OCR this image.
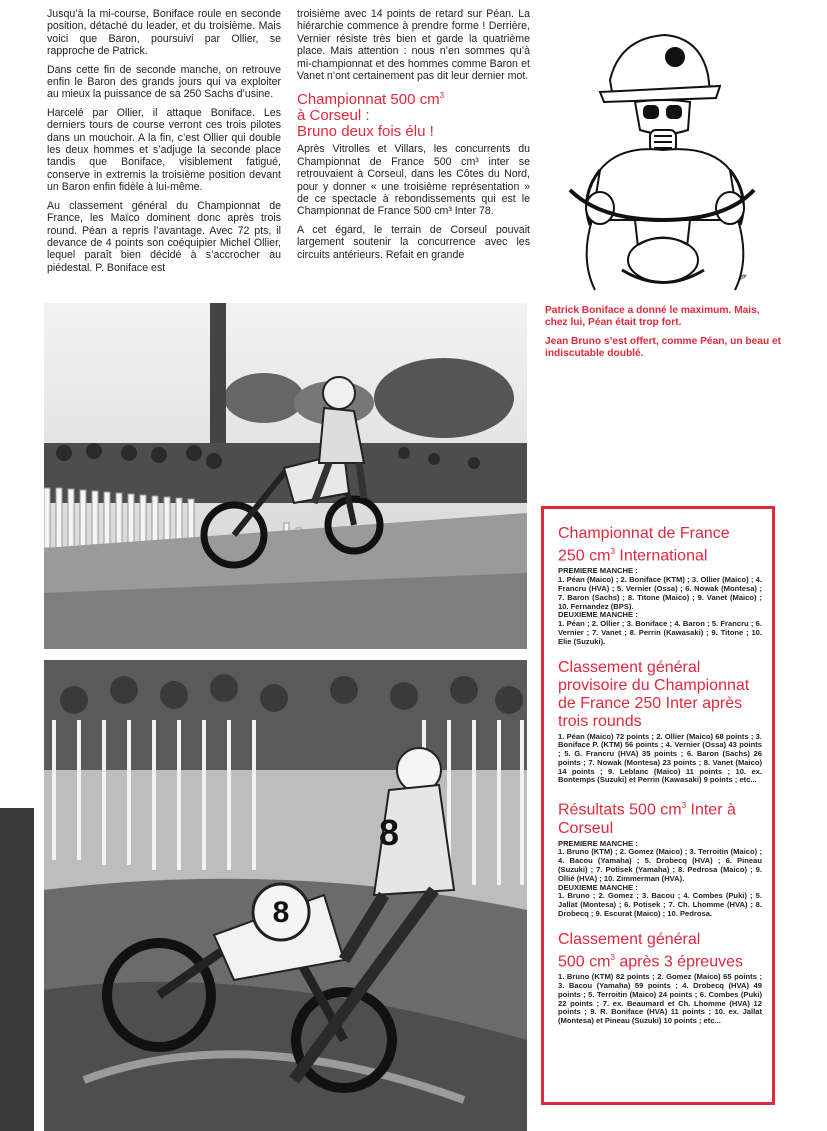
Jusqu’à la mi-course, Boniface roule en seconde position, détaché du leader, et du troisième. Mais voici que Baron, poursuivi par Ollier, se rapproche de Patrick.

Dans cette fin de seconde manche, on retrouve enfin le Baron des grands jours qui va exploiter au mieux la puissance de sa 250 Sachs d’usine.

Harcelé par Ollier, il attaque Boniface. Les derniers tours de course verront ces trois pilotes dans un mouchoir. A la fin, c’est Ollier qui double les deux hommes et s’adjuge la seconde place tandis que Boniface, visiblement fatigué, conserve in extremis la troisième position devant un Baron enfin fidèle à lui-même.

Au classement général du Championnat de France, les Maïco dominent donc après trois round. Péan a repris l’avantage. Avec 72 pts, il devance de 4 points son coéquipier Michel Ollier, lequel paraît bien décidé à s’accrocher au piédestal. P. Boniface est

troisième avec 14 points de retard sur Péan. La hiérarchie commence à prendre forme ! Derrière, Vernier résiste très bien et garde la quatrième place. Mais attention : nous n’en sommes qu’à mi-championnat et des hommes comme Baron et Vanet n’ont certainement pas dit leur dernier mot.

Championnat 500 $cm^3$
à Corseul :
Bruno deux fois élu !

Après Vitrolles et Villars, les concurrents du Championnat de France 500 cm³ inter se retrouvaient à Corseul, dans les Côtes du Nord, pour y donner « une troisième représentation » de ce spectacle à rebondissements qui est le Championnat de France 500 cm³ Inter 78.

A cet égard, le terrain de Corseul pouvait largement soutenir la concurrence avec les circuits antérieurs. Refait en grande

✎
Patrick Boniface a donné le maximum. Mais, chez lui, Péan était trop fort.
Jean Bruno s’est offert, comme Péan, un beau et indiscutable doublé.
8
8
Championnat de France
250 $cm^3$ International
PREMIERE MANCHE :
1. Péan (Maico) ; 2. Boniface (KTM) ; 3. Ollier (Maico) ; 4. Francru (HVA) ; 5. Vernier (Ossa) ; 6. Nowak (Montesa) ; 7. Baron (Sachs) ; 8. Titone (Maico) ; 9. Vanet (Maico) ; 10. Fernandez (BPS).
DEUXIEME MANCHE :
1. Péan ; 2. Ollier ; 3. Boniface ; 4. Baron ; 5. Francru ; 6. Vernier ; 7. Vanet ; 8. Perrin (Kawasaki) ; 9. Titone ; 10. Elie (Suzuki).
Classement général provisoire du Championnat de France 250 Inter après trois rounds
1. Péan (Maico) 72 points ; 2. Ollier (Maico) 68 points ; 3. Boniface P. (KTM) 56 points ; 4. Vernier (Ossa) 43 points ; 5. G. Francru (HVA) 35 points ; 6. Baron (Sachs) 26 points ; 7. Nowak (Montesa) 23 points ; 8. Vanet (Maico) 14 points ; 9. Leblanc (Maico) 11 points ; 10. ex. Bontemps (Suzuki) et Perrin (Kawasaki) 9 points ; etc...
Résultats 500 $cm^3$ Inter à Corseul
PREMIERE MANCHE :
1. Bruno (KTM) ; 2. Gomez (Maico) ; 3. Terroitin (Maico) ; 4. Bacou (Yamaha) ; 5. Drobecq (HVA) ; 6. Pineau (Suzuki) ; 7. Potisek (Yamaha) ; 8. Pedrosa (Maico) ; 9. Ollié (HVA) ; 10. Zimmerman (HVA).
DEUXIEME MANCHE :
1. Bruno ; 2. Gomez ; 3. Bacou ; 4. Combes (Puki) ; 5. Jallat (Montesa) ; 6. Potisek ; 7. Ch. Lhomme (HVA) ; 8. Drobecq ; 9. Escurat (Maico) ; 10. Pedrosa.
Classement général
500 $cm^3$ après 3 épreuves
1. Bruno (KTM) 82 points ; 2. Gomez (Maico) 65 points ; 3. Bacou (Yamaha) 59 points ; 4. Drobecq (HVA) 49 points ; 5. Terroitin (Maico) 24 points ; 6. Combes (Puki) 22 points ; 7. ex. Beaumard et Ch. Lhomme (HVA) 12 points ; 9. R. Boniface (HVA) 11 points ; 10. ex. Jallat (Montesa) et Pineau (Suzuki) 10 points ; etc...
